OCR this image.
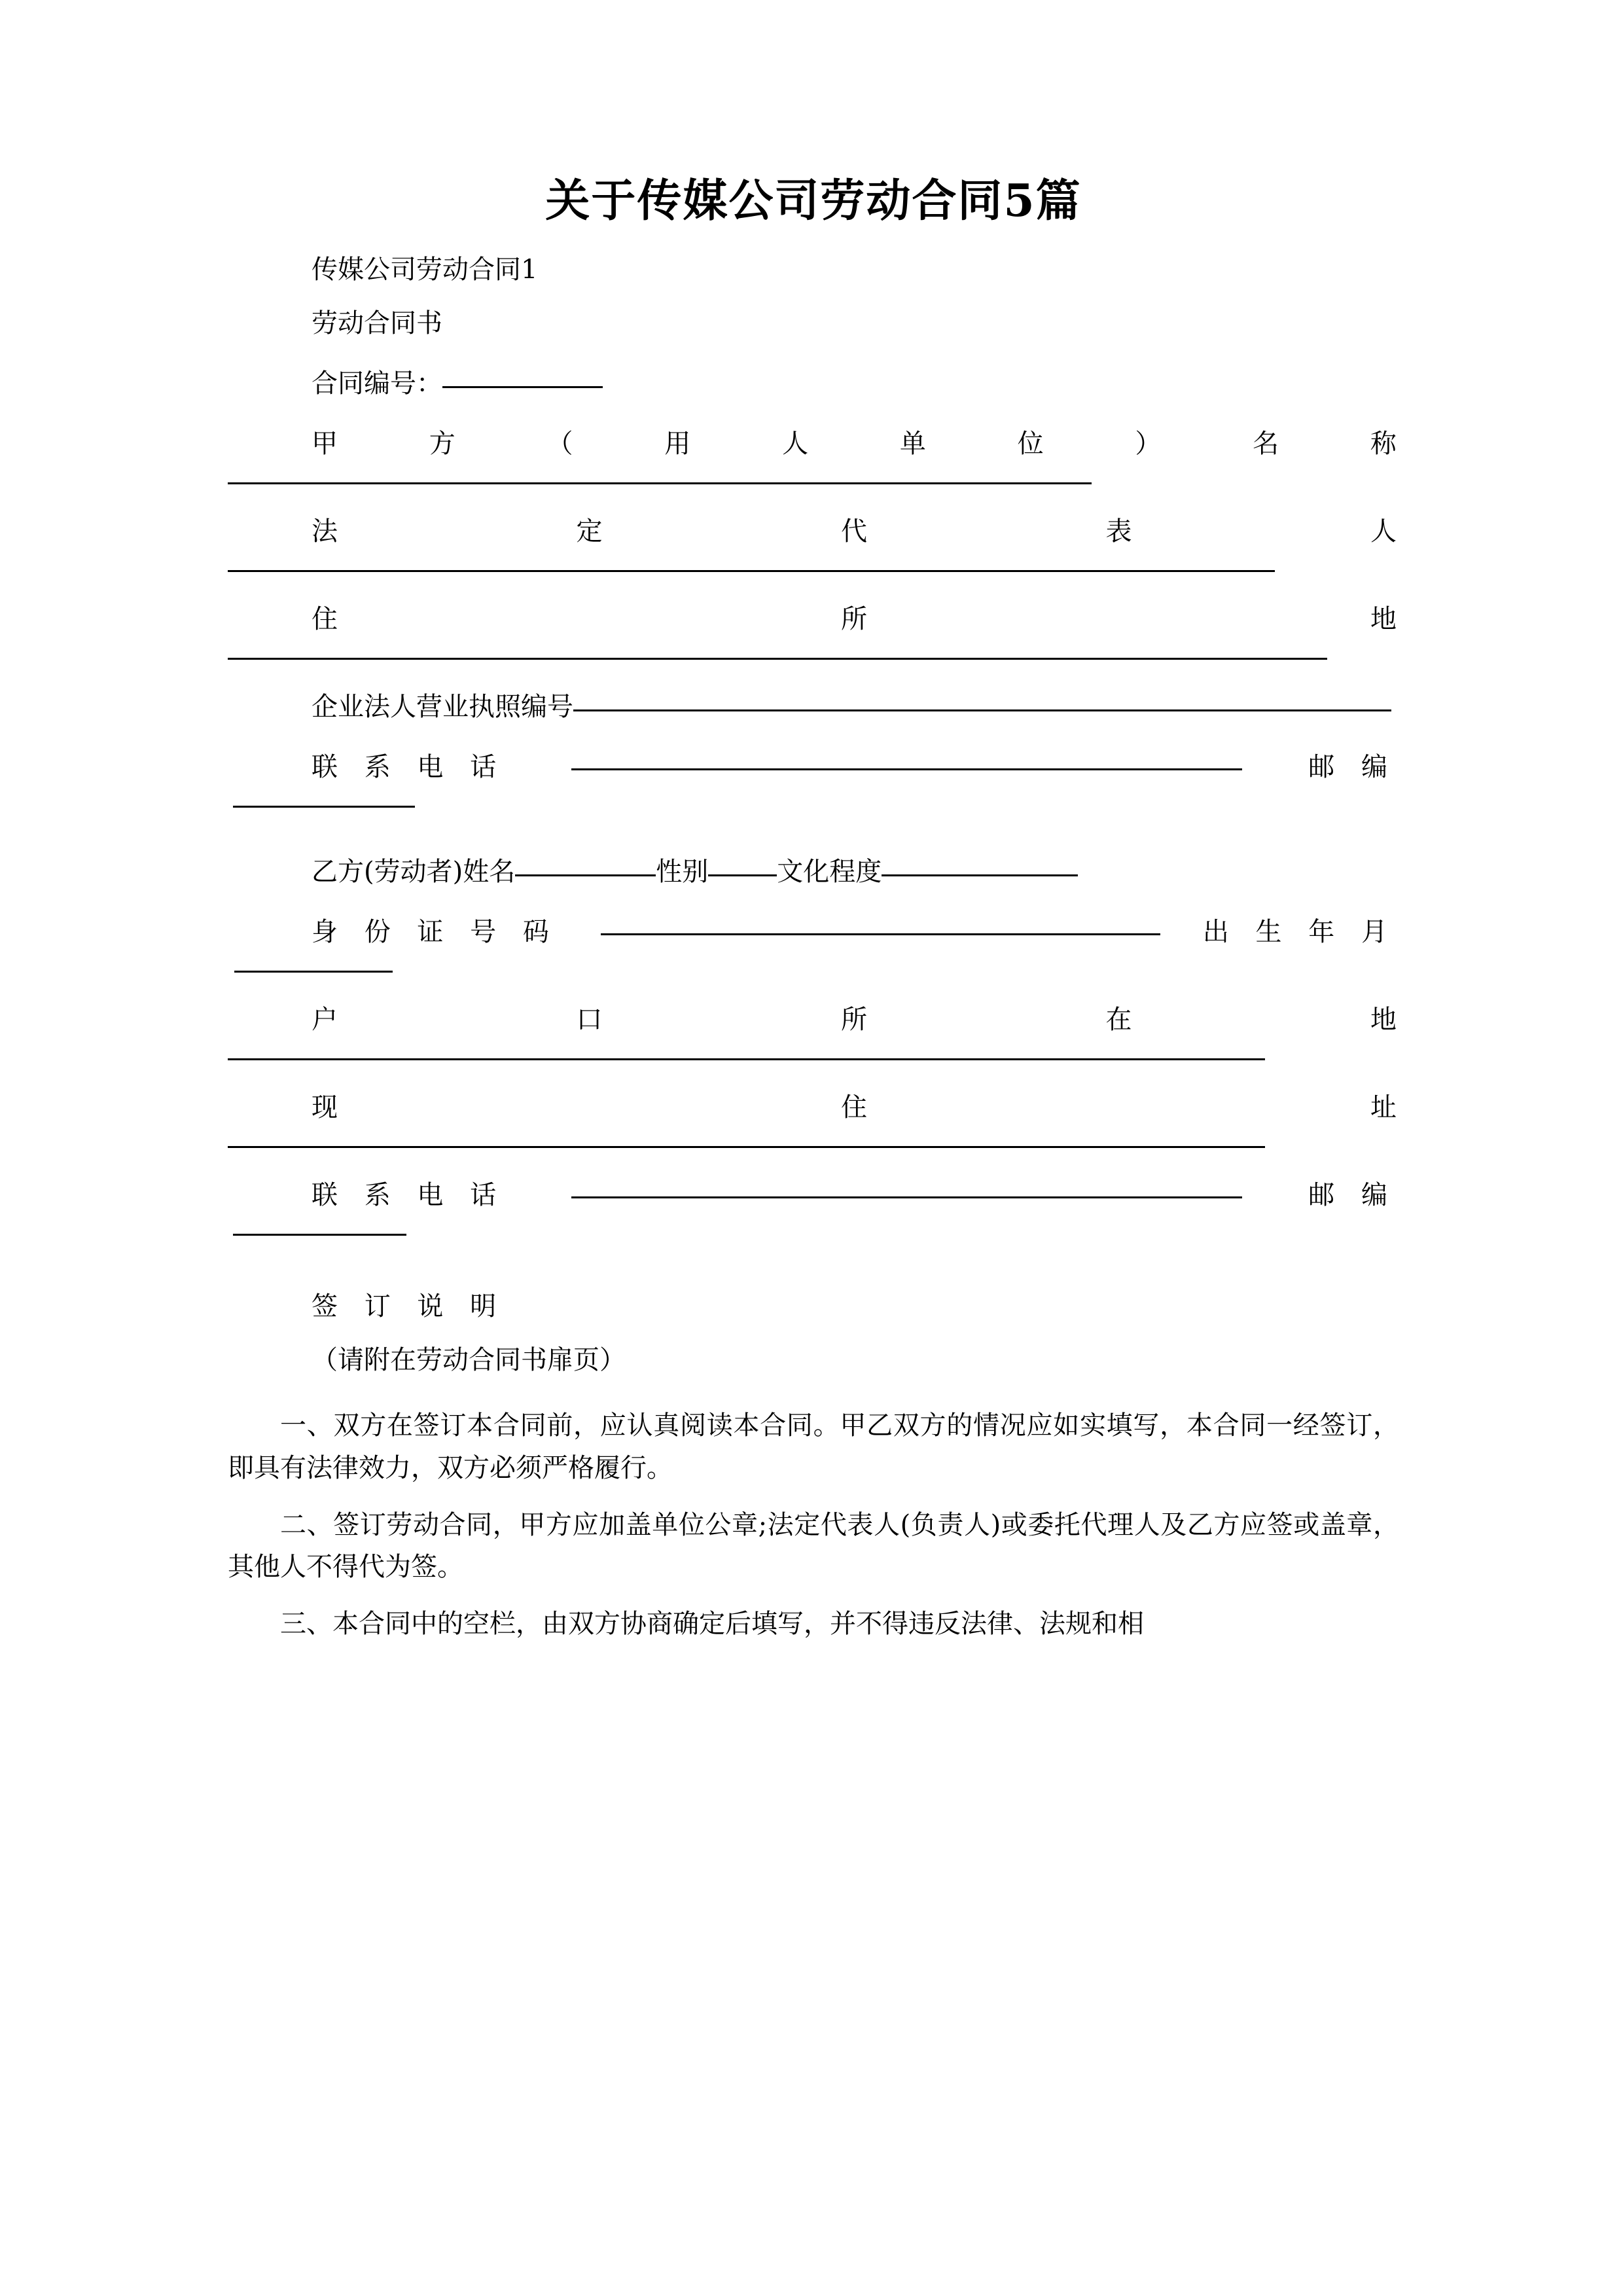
关于传媒公司劳动合同5篇
传媒公司劳动合同1
劳动合同书
合同编号：
甲	方	（	用	人	单	位	）	名	称
法	定	代	表	人
住	所	地
企业法人营业执照编号
联 系 电 话	邮 编
乙方(劳动者)姓名	性别	文化程度
身 份 证 号 码	出 生 年 月
户	口	所	在	地
现	住	址
联 系 电 话	邮 编
签 订 说 明
（请附在劳动合同书扉页）

一、双方在签订本合同前，应认真阅读本合同。甲乙双方的情况应如实填写，本合同一经签订，即具有法律效力，双方必须严格履行。

二、签订劳动合同，甲方应加盖单位公章;法定代表人(负责人)或委托代理人及乙方应签或盖章，其他人不得代为签。

三、本合同中的空栏，由双方协商确定后填写，并不得违反法律、法规和相
